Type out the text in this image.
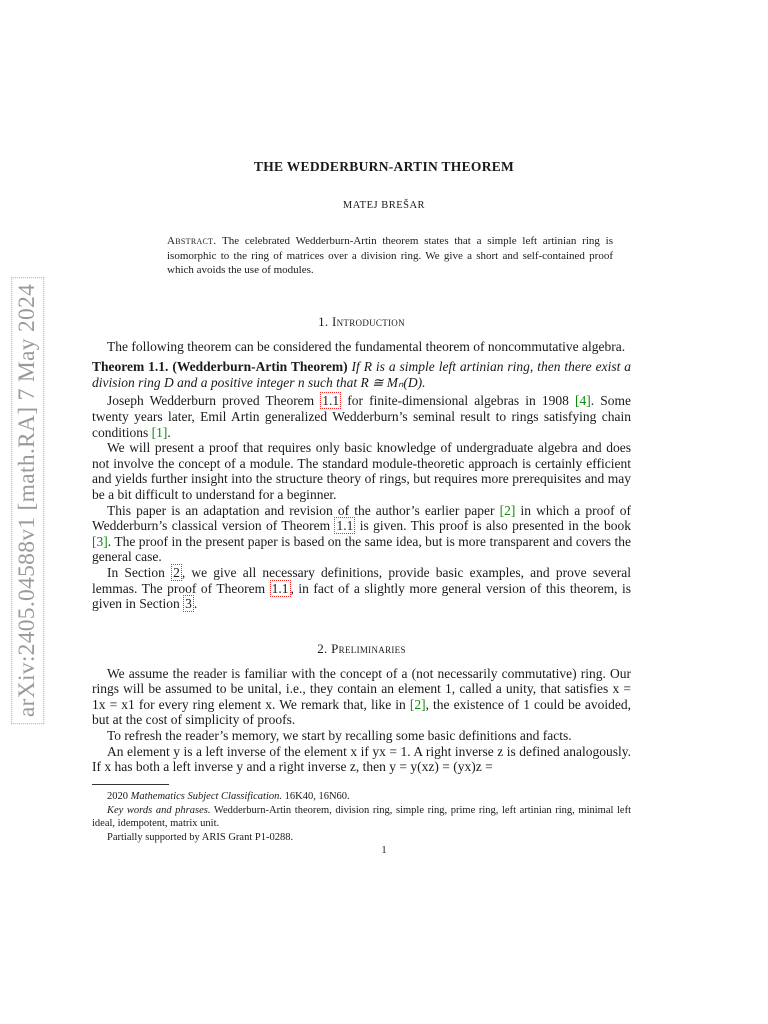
arXiv:2405.04588v1 [math.RA] 7 May 2024
THE WEDDERBURN-ARTIN THEOREM
MATEJ BREŠAR

Abstract. The celebrated Wedderburn-Artin theorem states that a simple left artinian ring is isomorphic to the ring of matrices over a division ring. We give a short and self-contained proof which avoids the use of modules.

1. Introduction

The following theorem can be considered the fundamental theorem of noncommutative algebra.

Theorem 1.1. (Wedderburn-Artin Theorem) If R is a simple left artinian ring, then there exist a division ring D and a positive integer n such that R ≅ Mₙ(D).

Joseph Wedderburn proved Theorem 1.1 for finite-dimensional algebras in 1908 [4]. Some twenty years later, Emil Artin generalized Wedderburn’s seminal result to rings satisfying chain conditions [1].

We will present a proof that requires only basic knowledge of undergraduate algebra and does not involve the concept of a module. The standard module-theoretic approach is certainly efficient and yields further insight into the structure theory of rings, but requires more prerequisites and may be a bit difficult to understand for a beginner.

This paper is an adaptation and revision of the author’s earlier paper [2] in which a proof of Wedderburn’s classical version of Theorem 1.1 is given. This proof is also presented in the book [3]. The proof in the present paper is based on the same idea, but is more transparent and covers the general case.

In Section 2 , we give all necessary definitions, provide basic examples, and prove several lemmas. The proof of Theorem 1.1 , in fact of a slightly more general version of this theorem, is given in Section 3 .

2. Preliminaries

We assume the reader is familiar with the concept of a (not necessarily commutative) ring. Our rings will be assumed to be unital, i.e., they contain an element 1, called a unity, that satisfies x = 1x = x1 for every ring element x. We remark that, like in [2], the existence of 1 could be avoided, but at the cost of simplicity of proofs.

To refresh the reader’s memory, we start by recalling some basic definitions and facts.

An element y is a left inverse of the element x if yx = 1. A right inverse z is defined analogously. If x has both a left inverse y and a right inverse z, then y = y(xz) = (yx)z =

2020 Mathematics Subject Classification. 16K40, 16N60.

Key words and phrases. Wedderburn-Artin theorem, division ring, simple ring, prime ring, left artinian ring, minimal left ideal, idempotent, matrix unit.

Partially supported by ARIS Grant P1-0288.

1
